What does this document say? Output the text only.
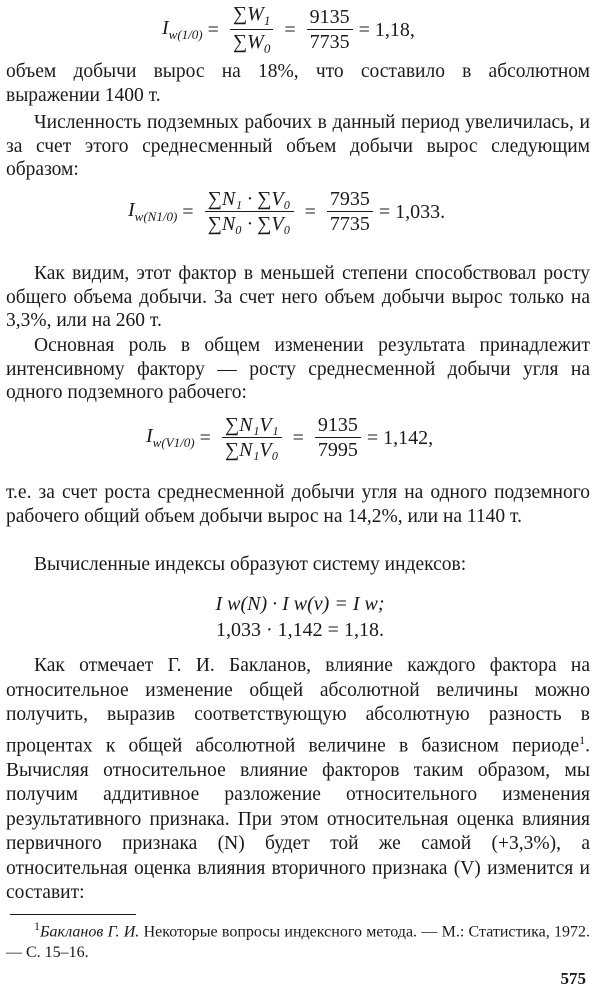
$I_{w(1/0)} = \frac{\sum W_1}{\sum W_0} = \frac{9135}{7735} = 1,18$,

объем добычи вырос на 18%, что составило в абсолютном выражении 1400 т.

Численность подземных рабочих в данный период увеличилась, и за счет этого среднесменный объем добычи вырос следующим образом:

$I_{w(N1/0)} = \frac{\text{∑N₁ · ∑V₀}}{\text{∑N₀ · ∑V₀}} = \frac{7935}{7735} = 1,033$.

Как видим, этот фактор в меньшей степени способствовал росту общего объема добычи. За счет него объем добычи вырос только на 3,3%, или на 260 т.

Основная роль в общем изменении результата принадлежит интенсивному фактору — росту среднесменной добычи угля на одного подземного рабочего:

$I_{w(V1/0)} = \frac{\text{∑N₁V₁}}{\text{∑N₁V₀}} = \frac{9135}{7995} = 1,142$,

т.е. за счет роста среднесменной добычи угля на одного подземного рабочего общий объем добычи вырос на 14,2%, или на 1140 т.

Вычисленные индексы образуют систему индексов:

I w(N) · I w(v) = I w;
1,033 · 1,142 = 1,18.

Как отмечает Г. И. Бакланов, влияние каждого фактора на относительное изменение общей абсолютной величины можно получить, выразив соответствующую абсолютную разность в процентах к общей абсолютной величине в базисном периоде$^1$. Вычисляя относительное влияние факторов таким образом, мы получим аддитивное разложение относительного изменения результативного признака. При этом относительная оценка влияния первичного признака (N) будет той же самой (+3,3%), а относительная оценка влияния вторичного признака (V) изменится и составит:

$^1$Бакланов Г. И. Некоторые вопросы индексного метода. — М.: Статистика, 1972. — С. 15–16.
575
